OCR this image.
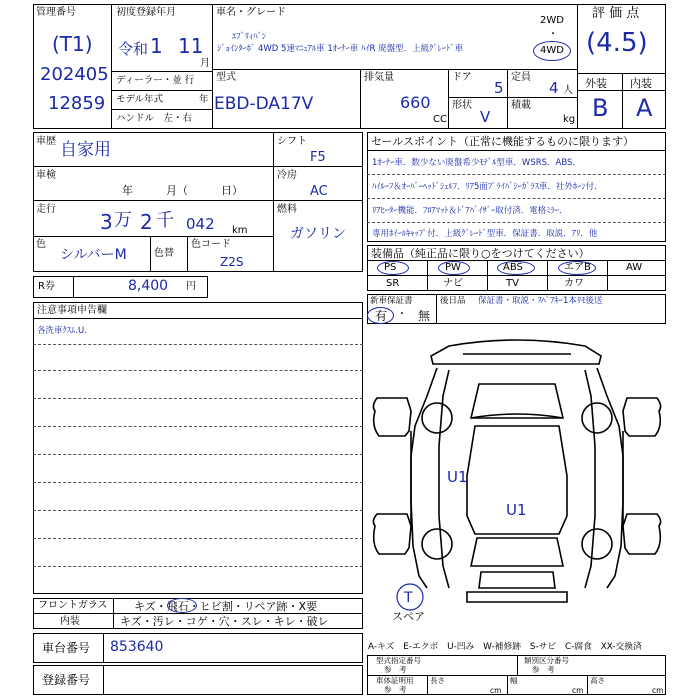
管理番号
(T1)
202405
12859
初度登録年月
令和 1 11
月
ディーラー・並 行
モデル年式	年
ハンドル　左・右
車名・グレード
ｴﾌﾞﾘｨﾊﾞﾝ
ｼﾞｮｲﾝﾀｰﾎﾞ 4WD 5速ﾏﾆｭｱﾙ車 1ｵｰﾅｰ車 ﾊｲR 廃盤型．上級ｸﾞﾚｰﾄﾞ車
2WD
・
4WD
型式
EBD-DA17V
排気量
660
CC
ドア
5
定員
4 人
形状
V
積載
kg
評 価 点
(4.5)
外装 内装
B A
車歴 自家用
車検
年　　　月（　　　日）
走行
3 万 2 千 042 km
色
シルバーM	色替
色コード
Z2S
シフト
F5
冷房
AC
燃料
ガソリン
R券	8,400 円
注意事項申告欄
各洗車ｸｽﾑ.U.
セールスポイント（正常に機能するものに限ります）
1ｵｰﾅｰ車．数少ない廃盤希少ﾓﾃﾞﾙ型車．WSRS．ABS．
ﾊｲﾙｰﾌ＆ｵｰﾊﾞｰﾍｯﾄﾞｼｪﾙﾌ．ﾘｱ5面ﾌﾟﾗｲﾊﾞｼｰｶﾞﾗｽ車．社外ﾎｰﾝ付．
ﾘｱﾋｰﾀｰ機能．ﾌﾛｱﾏｯﾄ＆ﾄﾞｱﾊﾞｲｻﾞｰ取付済．電格ﾐﾗｰ．
専用ﾎｲｰﾙｷｬｯﾌﾟ付．上級ｸﾞﾚｰﾄﾞ型車．保証書．取説．ｱﾘ．他
装備品（純正品に限り○をつけてください）
PS	PW	ABS	エアB	AW
SR	ナビ	TV	カワ
新車保証書
有 ・ 無
後日品 保証書・取説・ｽﾍﾟｱｷｰ1本ﾘﾓ後送
U1
U1
T
スペア
フロントガラス キズ・飛石・ヒビ割・リペア跡・X要
内装	キズ・汚レ・コゲ・穴・スレ・キレ・破レ
車台番号 853640
登録番号
A-キズ　E-エクボ　U-凹み　W-補修跡　S-サビ　C-腐食　XX-交換済
型式指定番号
参　考
類別区分番号
参　考
車体証明用
参　考
長さ
cm
幅
cm
高さ
cm
